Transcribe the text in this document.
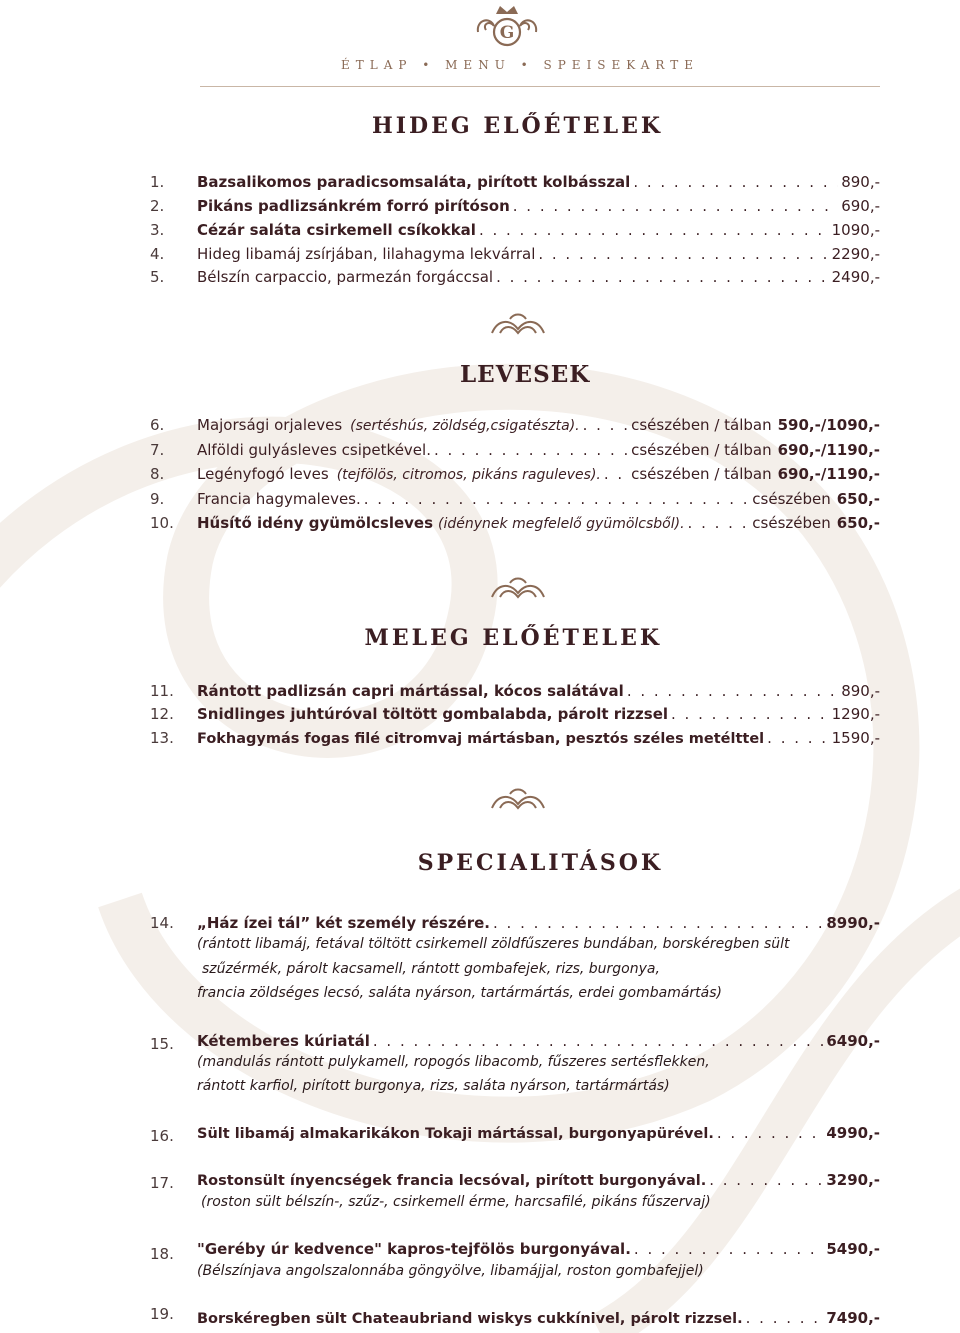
G
ÉTLAP • MENU • SPEISEKARTE
HIDEG ELŐÉTELEK
1.	Bazsalikomos paradicsomsaláta, pirított kolbásszal . . .	890,-
2.	Pikáns padlizsánkrém forró pirítóson . . .	690,-
3.	Cézár saláta csirkemell csíkokkal . . .	1090,-
4.	Hideg libamáj zsírjában, lilahagyma lekvárral . . .	2290,-
5.	Bélszín carpaccio, parmezán forgáccsal . . .	2490,-
LEVESEK
6.	Majorsági orjaleves (sertéshús, zöldség,csigatészta). . . .	csészében / tálban 590,-/1090,-
7.	Alföldi gulyásleves csipetkével. . . .	csészében / tálban 690,-/1190,-
8.	Legényfogó leves (tejfölös, citromos, pikáns raguleves). . . . csészében / tálban 690,-/1190,-
9.	Francia hagymaleves. . . .	csészében 650,-
10.	Hűsítő idény gyümölcsleves (idénynek megfelelő gyümölcsből). . . .	csészében 650,-
MELEG ELŐÉTELEK
11.	Rántott padlizsán capri mártással, kócos salátával . . .	890,-
12.	Snidlinges juhtúróval töltött gombalabda, párolt rizzsel . . .	1290,-
13.	Fokhagymás fogas filé citromvaj mártásban, pesztós széles metélttel . . .	1590,-
SPECIALITÁSOK
14.	„Ház ízei tál” két személy részére. . . .	8990,-
(rántott libamáj, fetával töltött csirkemell zöldfűszeres bundában, borskéregben sült
szűzérmék, párolt kacsamell, rántott gombafejek, rizs, burgonya,
francia zöldséges lecsó, saláta nyárson, tartármártás, erdei gombamártás)
15.	Kétemberes kúriatál . . .	6490,-
(mandulás rántott pulykamell, ropogós libacomb, fűszeres sertésflekken,
rántott karfiol, pirított burgonya, rizs, saláta nyárson, tartármártás)
16.	Sült libamáj almakarikákon Tokaji mártással, burgonyapürével. . . .	4990,-
17.	Rostonsült ínyencségek francia lecsóval, pirított burgonyával. . . .	3290,-
(roston sült bélszín-, szűz-, csirkemell érme, harcsafilé, pikáns fűszervaj)
18.	"Geréby úr kedvence" kapros-tejfölös burgonyával. . . .	5490,-
(Bélszínjava angolszalonnába göngyölve, libamájjal, roston gombafejjel)
19.	Borskéregben sült Chateaubriand wiskys cukkínivel, párolt rizzsel. . . .	7490,-
